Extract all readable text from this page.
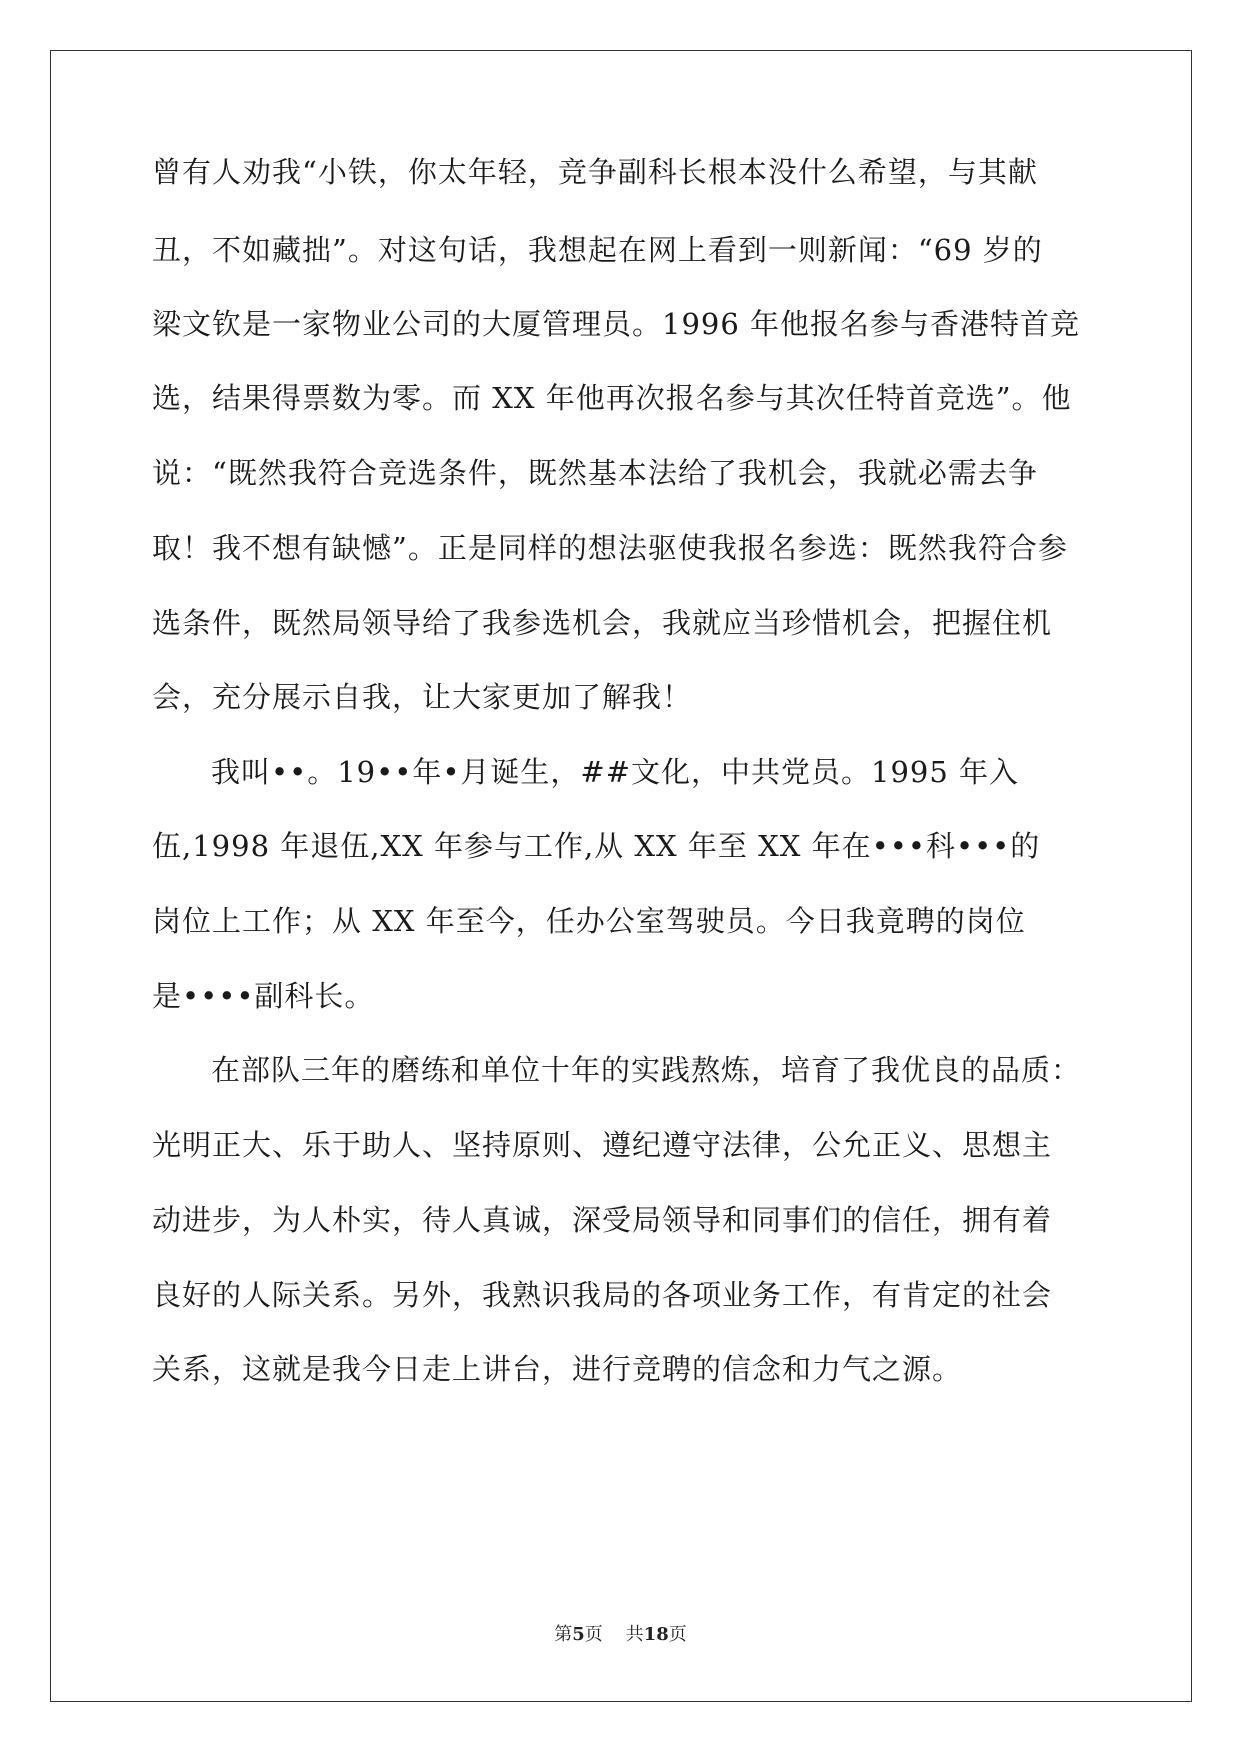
曾有人劝我“小铁，你太年轻，竞争副科长根本没什么希望，与其献
丑，不如藏拙”。对这句话，我想起在网上看到一则新闻：“69 岁的
梁文钦是一家物业公司的大厦管理员。1996 年他报名参与香港特首竞
选，结果得票数为零。而 XX 年他再次报名参与其次任特首竞选”。他
说：“既然我符合竞选条件，既然基本法给了我机会，我就必需去争
取！我不想有缺憾”。正是同样的想法驱使我报名参选：既然我符合参
选条件，既然局领导给了我参选机会，我就应当珍惜机会，把握住机
会，充分展示自我，让大家更加了解我！
我叫••。19••年•月诞生，##文化，中共党员。1995 年入
伍,1998 年退伍,XX 年参与工作,从 XX 年至 XX 年在•••科•••的
岗位上工作；从 XX 年至今，任办公室驾驶员。今日我竟聘的岗位
是••••副科长。
在部队三年的磨练和单位十年的实践熬炼，培育了我优良的品质：
光明正大、乐于助人、坚持原则、遵纪遵守法律，公允正义、思想主
动进步，为人朴实，待人真诚，深受局领导和同事们的信任，拥有着
良好的人际关系。另外，我熟识我局的各项业务工作，有肯定的社会
关系，这就是我今日走上讲台，进行竞聘的信念和力气之源。
第5页 共18页
